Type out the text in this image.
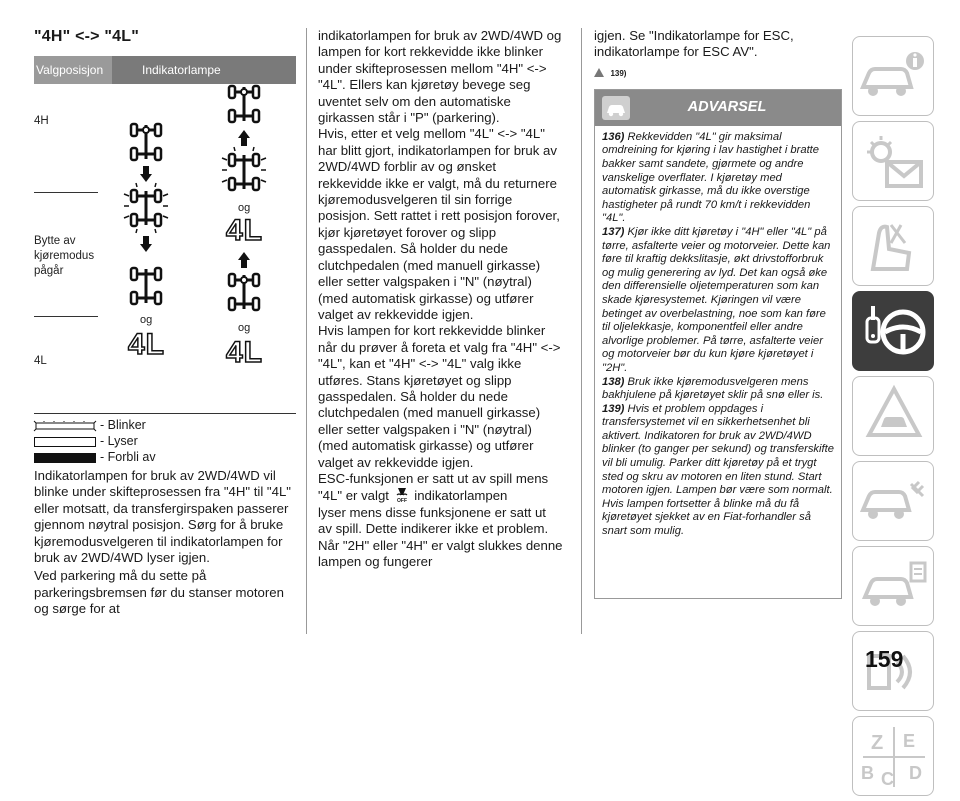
"4H" <-> "4L"
Valgposisjon	Indikatorlampe
4H
Bytte av kjøremodus pågår
4L
og
4L
og
4L
og
4L
- Blinker
- Lyser
- Forbli av

Indikatorlampen for bruk av 2WD/4WD vil blinke under skifteprosessen fra "4H" til "4L" eller motsatt, da transfergirspaken passerer gjennom nøytral posisjon. Sørg for å bruke kjøremodusvelgeren til indikatorlampen for bruk av 2WD/4WD lyser igjen.

Ved parkering må du sette på parkeringsbremsen før du stanser motoren og sørge for at

indikatorlampen for bruk av 2WD/4WD og lampen for kort rekkevidde ikke blinker under skifteprosessen mellom "4H" <-> "4L". Ellers kan kjøretøy bevege seg uventet selv om den automatiske girkassen står i "P" (parkering).

Hvis, etter et velg mellom "4L" <-> "4L" har blitt gjort, indikatorlampen for bruk av 2WD/4WD forblir av og ønsket rekkevidde ikke er valgt, må du returnere kjøremodusvelgeren til sin forrige posisjon. Sett rattet i rett posisjon forover, kjør kjøretøyet forover og slipp gasspedalen. Så holder du nede clutchpedalen (med manuell girkasse) eller setter valgspaken i "N" (nøytral) (med automatisk girkasse) og utfører valget av rekkevidde igjen.

Hvis lampen for kort rekkevidde blinker når du prøver å foreta et valg fra "4H" <-> "4L", kan et "4H" <-> "4L" valg ikke utføres. Stans kjøretøyet og slipp gasspedalen. Så holder du nede clutchpedalen (med manuell girkasse) eller setter valgspaken i "N" (nøytral) (med automatisk girkasse) og utfører valget av rekkevidde igjen.

ESC-funksjonen er satt ut av spill mens
"4L" er valgt OFF indikatorlampen
lyser mens disse funksjonene er satt ut av spill. Dette indikerer ikke et problem. Når "2H" eller "4H" er valgt slukkes denne lampen og fungerer

igjen. Se "Indikatorlampe for ESC, indikatorlampe for ESC AV".

139)
ADVARSEL

136) Rekkevidden "4L" gir maksimal omdreining for kjøring i lav hastighet i bratte bakker samt sandete, gjørmete og andre vanskelige overflater. I kjøretøy med automatisk girkasse, må du ikke overstige hastigheter på rundt 70 km/t i rekkevidden "4L".

137) Kjør ikke ditt kjøretøy i "4H" eller "4L" på tørre, asfalterte veier og motorveier. Dette kan føre til kraftig dekkslitasje, økt drivstofforbruk og mulig generering av lyd. Det kan også øke den differensielle oljetemperaturen som kan skade kjøresystemet. Kjøringen vil være betinget av overbelastning, noe som kan føre til oljelekkasje, komponentfeil eller andre alvorlige problemer. På tørre, asfalterte veier og motorveier bør du kun kjøre kjøretøyet i "2H".

138) Bruk ikke kjøremodusvelgeren mens bakhjulene på kjøretøyet sklir på snø eller is.

139) Hvis et problem oppdages i transfersystemet vil en sikkerhetsenhet bli aktivert. Indikatoren for bruk av 2WD/4WD blinker (to ganger per sekund) og transferskifte vil bli umulig. Parker ditt kjøretøy på et trygt sted og skru av motoren en liten stund. Start motoren igjen. Lampen bør være som normalt. Hvis lampen fortsetter å blinke må du få kjøretøyet sjekket av en Fiat-forhandler så snart som mulig.

Z E
B C D
159
